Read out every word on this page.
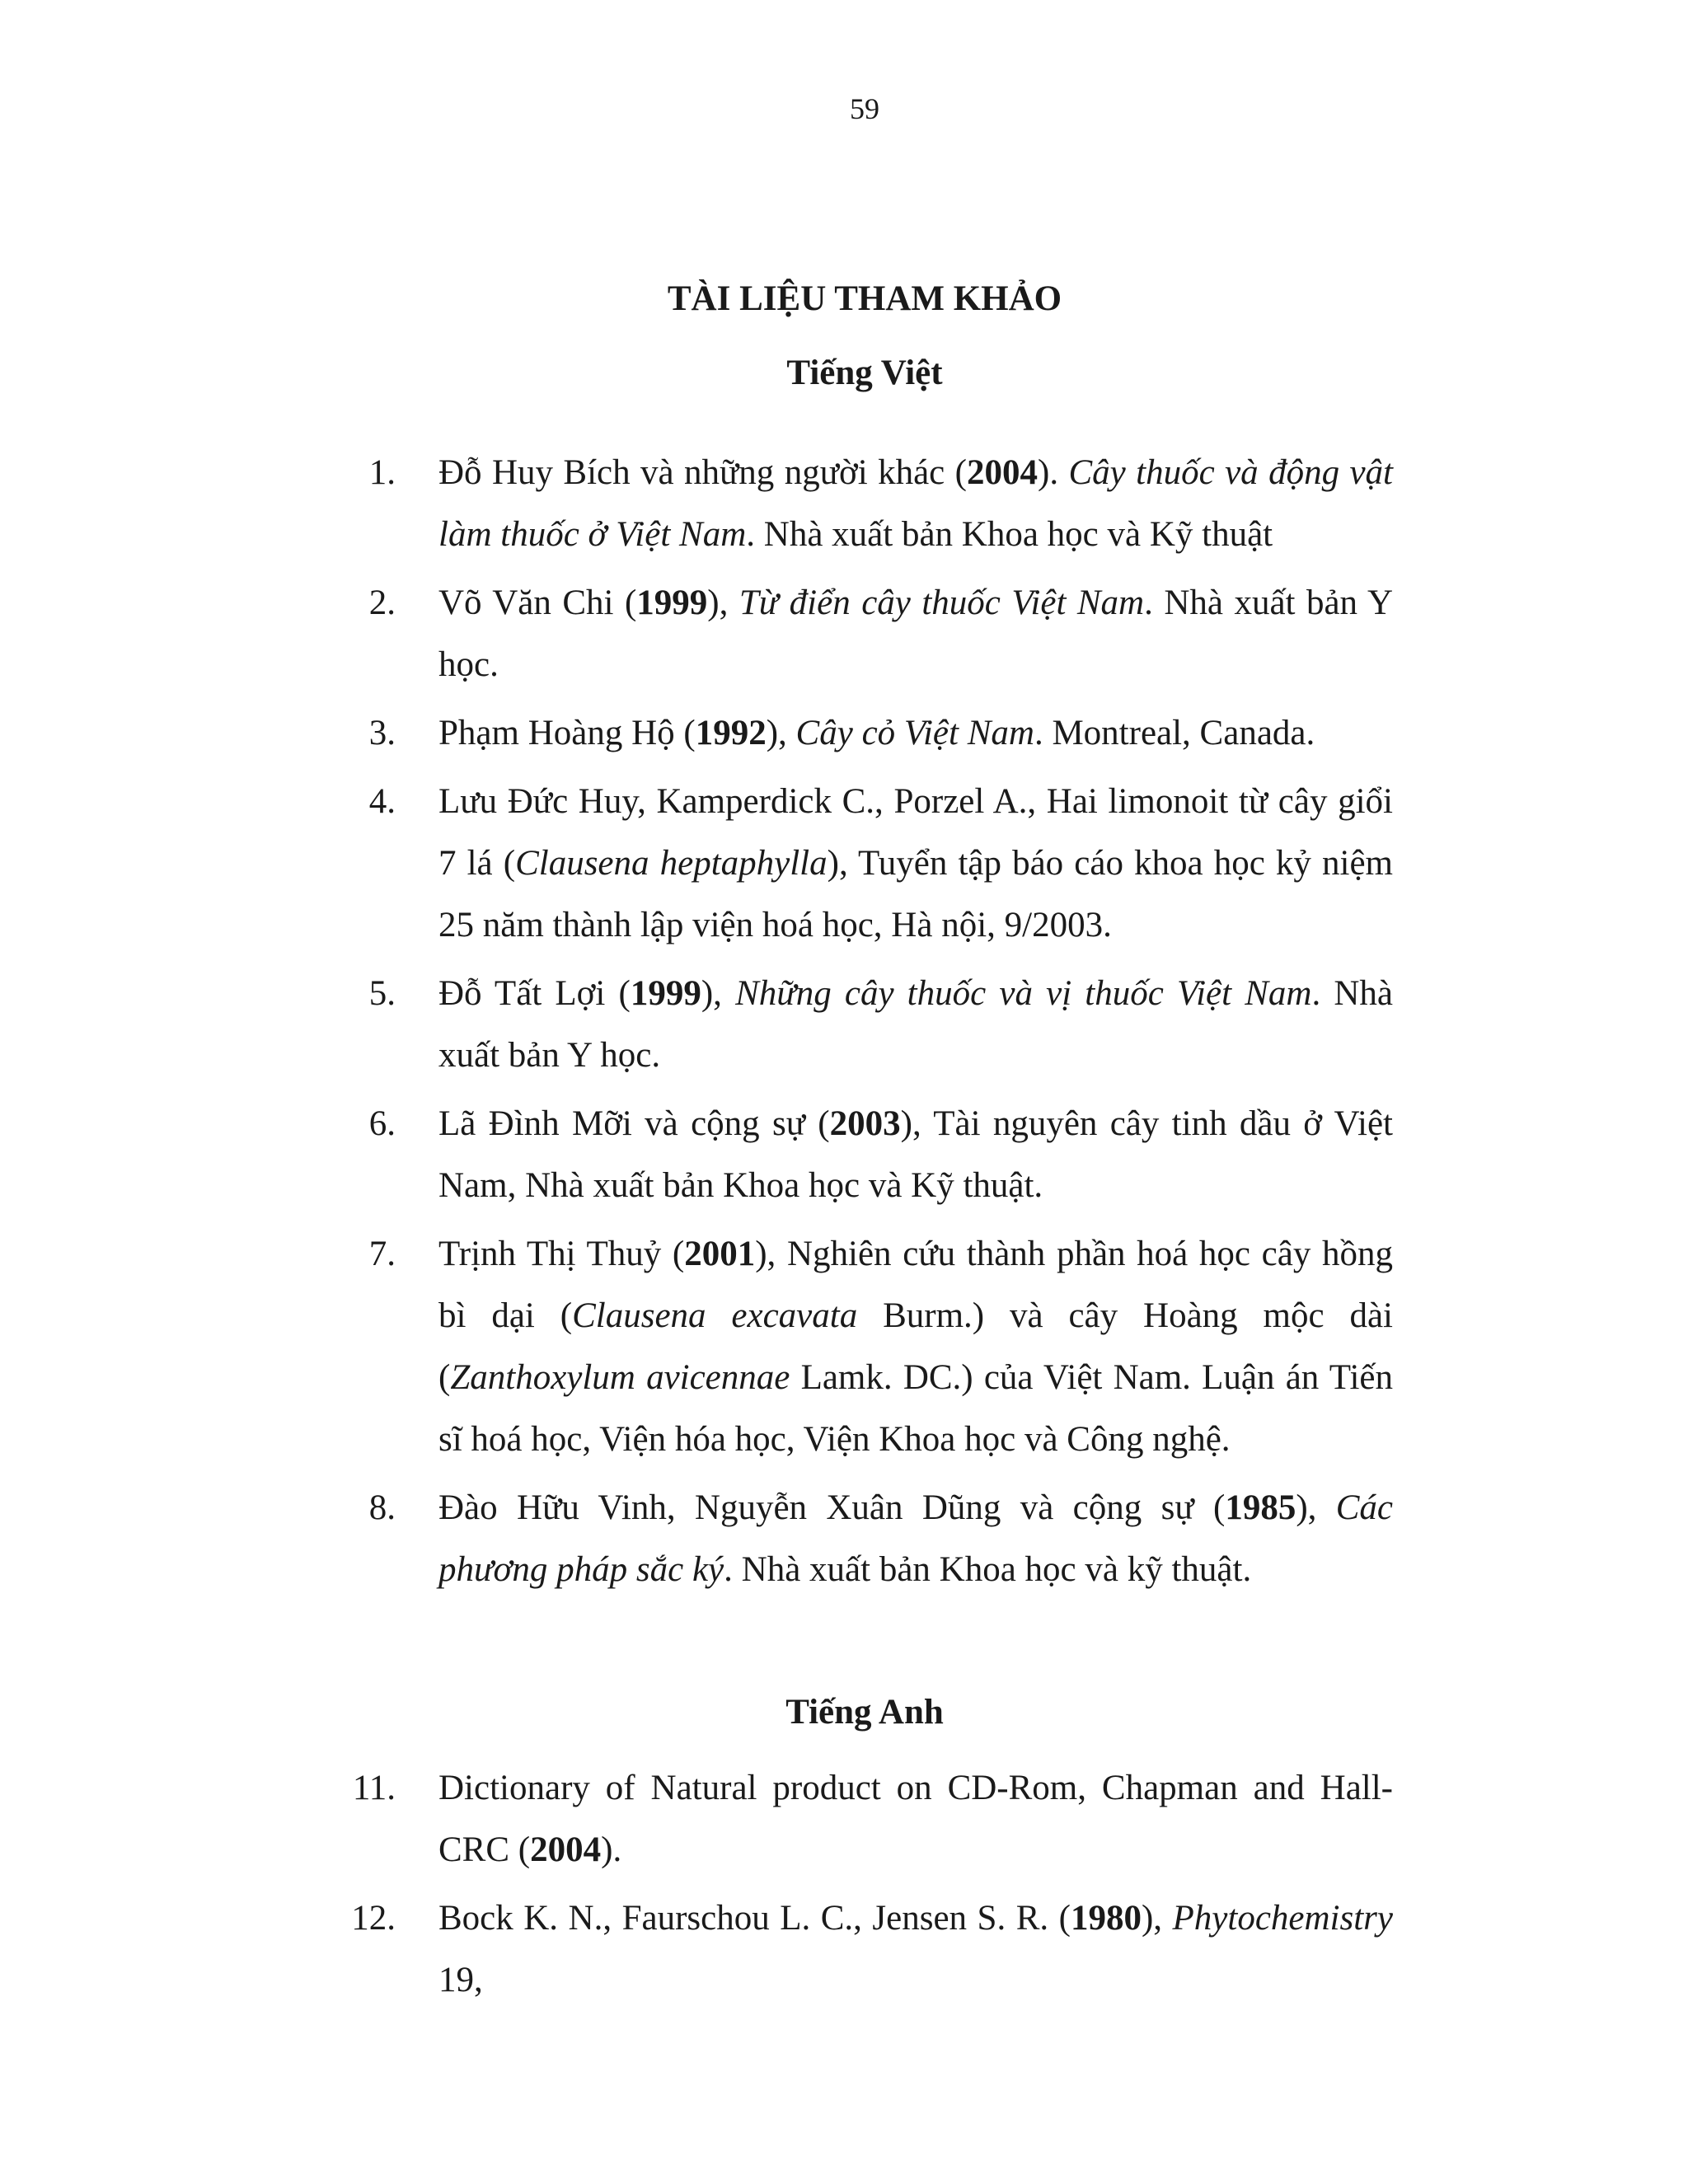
59
TÀI LIỆU THAM KHẢO
Tiếng Việt
1. Đỗ Huy Bích và những người khác (2004). Cây thuốc và động vật làm thuốc ở Việt Nam. Nhà xuất bản Khoa học và Kỹ thuật
2. Võ Văn Chi (1999), Từ điển cây thuốc Việt Nam. Nhà xuất bản Y học.
3. Phạm Hoàng Hộ (1992), Cây cỏ Việt Nam. Montreal, Canada.
4. Lưu Đức Huy, Kamperdick C., Porzel A., Hai limonoit từ cây giổi 7 lá (Clausena heptaphylla), Tuyển tập báo cáo khoa học kỷ niệm 25 năm thành lập viện hoá học, Hà nội, 9/2003.
5. Đỗ Tất Lợi (1999), Những cây thuốc và vị thuốc Việt Nam. Nhà xuất bản Y học.
6. Lã Đình Mỡi và cộng sự (2003), Tài nguyên cây tinh dầu ở Việt Nam, Nhà xuất bản Khoa học và Kỹ thuật.
7. Trịnh Thị Thuỷ (2001), Nghiên cứu thành phần hoá học cây hồng bì dại (Clausena excavata Burm.) và cây Hoàng mộc dài (Zanthoxylum avicennae Lamk. DC.) của Việt Nam. Luận án Tiến sĩ hoá học, Viện hóa học, Viện Khoa học và Công nghệ.
8. Đào Hữu Vinh, Nguyễn Xuân Dũng và cộng sự (1985), Các phương pháp sắc ký. Nhà xuất bản Khoa học và kỹ thuật.
Tiếng Anh
11. Dictionary of Natural product on CD-Rom, Chapman and Hall-CRC (2004).
12. Bock K. N., Faurschou L. C., Jensen S. R. (1980), Phytochemistry 19,
